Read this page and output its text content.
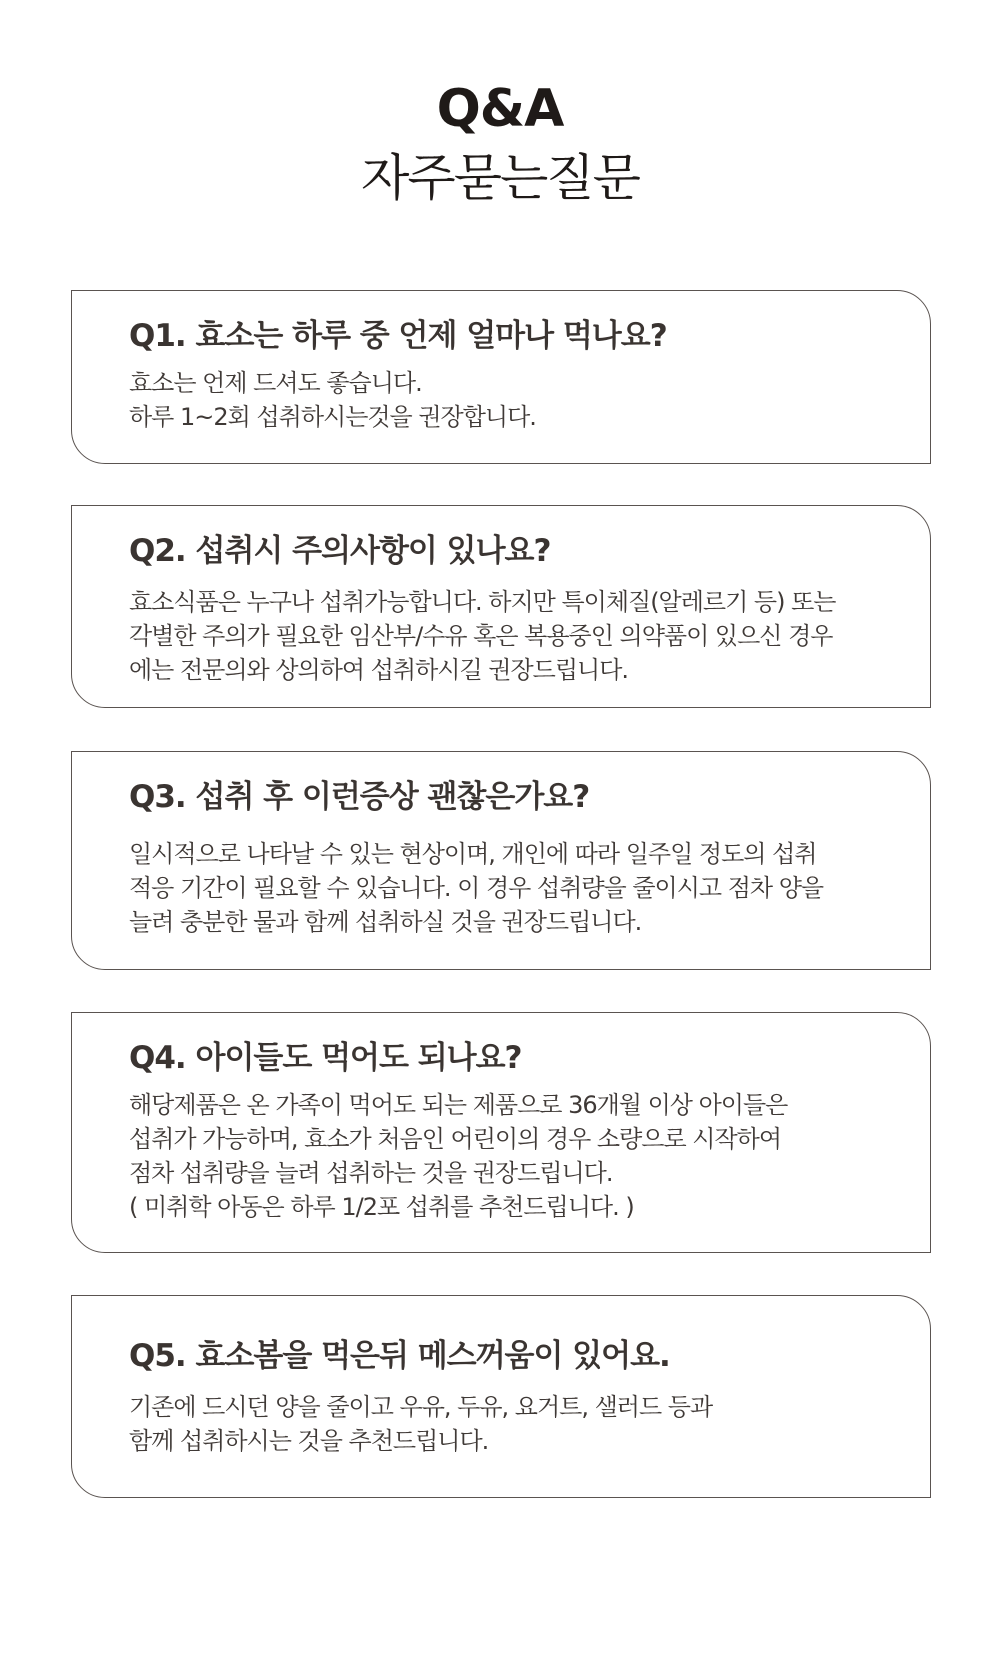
Q&A
자주묻는질문
Q1. 효소는 하루 중 언제 얼마나 먹나요?
효소는 언제 드셔도 좋습니다.
하루 1~2회 섭취하시는것을 권장합니다.
Q2. 섭취시 주의사항이 있나요?
효소식품은 누구나 섭취가능합니다. 하지만 특이체질(알레르기 등) 또는
각별한 주의가 필요한 임산부/수유 혹은 복용중인 의약품이 있으신 경우
에는 전문의와 상의하여 섭취하시길 권장드립니다.
Q3. 섭취 후 이런증상 괜찮은가요?
일시적으로 나타날 수 있는 현상이며, 개인에 따라 일주일 정도의 섭취
적응 기간이 필요할 수 있습니다. 이 경우 섭취량을 줄이시고 점차 양을
늘려 충분한 물과 함께 섭취하실 것을 권장드립니다.
Q4. 아이들도 먹어도 되나요?
해당제품은 온 가족이 먹어도 되는 제품으로 36개월 이상 아이들은
섭취가 가능하며, 효소가 처음인 어린이의 경우 소량으로 시작하여
점차 섭취량을 늘려 섭취하는 것을 권장드립니다.
( 미취학 아동은 하루 1/2포 섭취를 추천드립니다. )
Q5. 효소봄을 먹은뒤 메스꺼움이 있어요.
기존에 드시던 양을 줄이고 우유, 두유, 요거트, 샐러드 등과
함께 섭취하시는 것을 추천드립니다.
